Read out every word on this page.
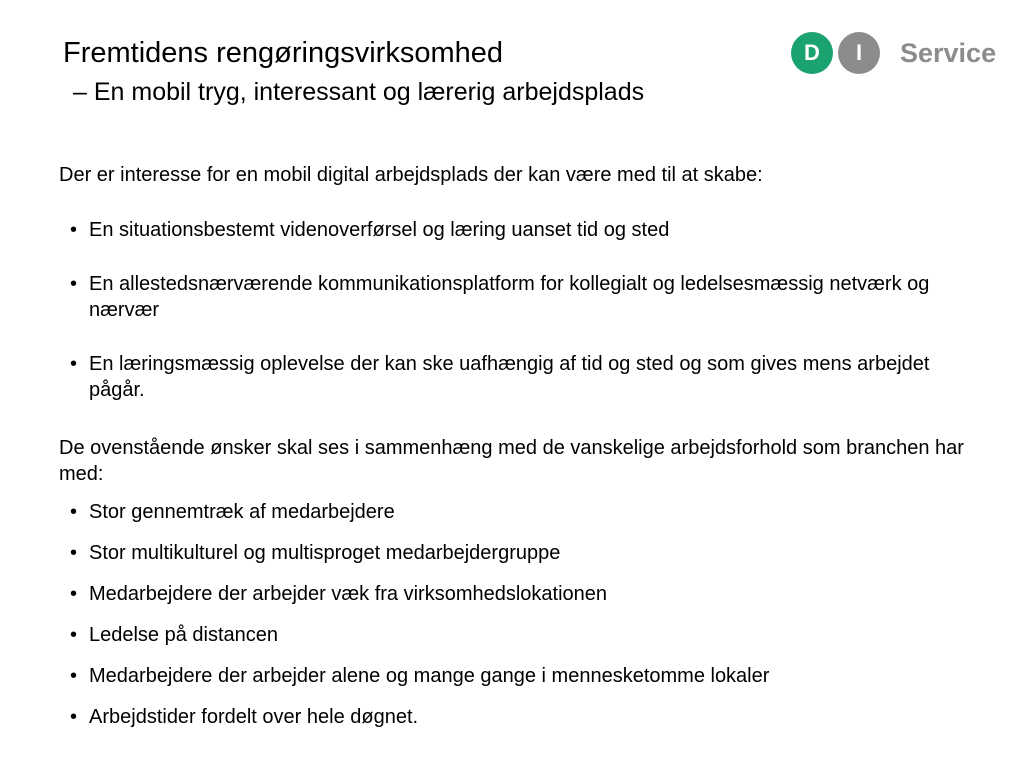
Fremtidens rengøringsvirksomhed
– En mobil tryg, interessant og lærerig arbejdsplads
D	I	Service

Der er interesse for en mobil digital arbejdsplads der kan være med til at skabe:

• En situationsbestemt videnoverførsel og læring uanset tid og sted
• En allestedsnærværende kommunikationsplatform for kollegialt og ledelsesmæssig netværk og nærvær
• En læringsmæssig oplevelse der kan ske uafhængig af tid og sted og som gives mens arbejdet pågår.

De ovenstående ønsker skal ses i sammenhæng med de vanskelige arbejdsforhold som branchen har med:

• Stor gennemtræk af medarbejdere
• Stor multikulturel og multisproget medarbejdergruppe
• Medarbejdere der arbejder væk fra virksomhedslokationen
• Ledelse på distancen
• Medarbejdere der arbejder alene og mange gange i mennesketomme lokaler
• Arbejdstider fordelt over hele døgnet.
